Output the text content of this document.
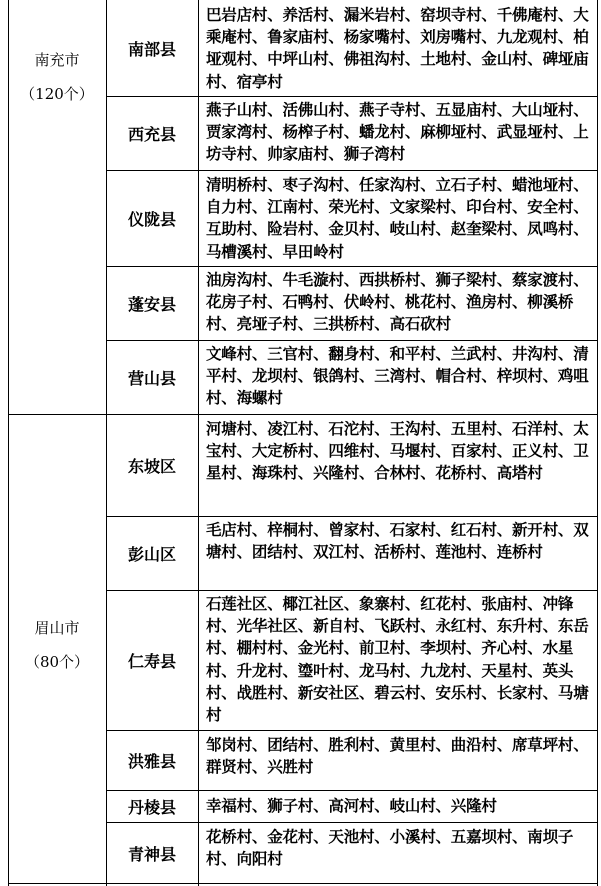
南充市
（120个）
眉山市
（80个）
南部县
西充县
仪陇县
蓬安县
营山县
东坡区
彭山区
仁寿县
洪雅县
丹棱县
青神县
巴岩店村、养活村、漏米岩村、窑坝寺村、千佛庵村、大乘庵村、鲁家庙村、杨家嘴村、刘房嘴村、九龙观村、柏垭观村、中坪山村、佛祖沟村、土地村、金山村、碑垭庙村、宿亭村
燕子山村、活佛山村、燕子寺村、五显庙村、大山垭村、贾家湾村、杨榨子村、蟠龙村、麻柳垭村、武显垭村、上坊寺村、帅家庙村、狮子湾村
清明桥村、枣子沟村、任家沟村、立石子村、蜡池垭村、自力村、江南村、荣光村、文家梁村、印台村、安全村、互助村、险岩村、金贝村、岐山村、赵奎梁村、凤鸣村、马槽溪村、早田岭村
油房沟村、牛毛漩村、西拱桥村、狮子梁村、蔡家渡村、花房子村、石鸭村、伏岭村、桃花村、渔房村、柳溪桥村、亮垭子村、三拱桥村、高石砍村
文峰村、三官村、翻身村、和平村、兰武村、井沟村、清平村、龙坝村、银鸽村、三湾村、帽合村、梓坝村、鸡咀村、海螺村
河塘村、凌江村、石沱村、王沟村、五里村、石洋村、太宝村、大定桥村、四维村、马堰村、百家村、正义村、卫星村、海珠村、兴隆村、合林村、花桥村、高塔村
毛店村、梓桐村、曾家村、石家村、红石村、新开村、双塘村、团结村、双江村、活桥村、莲池村、连桥村
石莲社区、椰江社区、象寨村、红花村、张庙村、冲锋村、光华社区、新自村、飞跃村、永红村、东升村、东岳村、棚村村、金光村、前卫村、李坝村、齐心村、水星村、升龙村、瑬叶村、龙马村、九龙村、天星村、英头村、战胜村、新安社区、碧云村、安乐村、长家村、马塘村
邹岗村、团结村、胜利村、黄里村、曲沿村、席草坪村、群贤村、兴胜村
幸福村、狮子村、高河村、岐山村、兴隆村
花桥村、金花村、天池村、小溪村、五嘉坝村、南坝子村、向阳村
